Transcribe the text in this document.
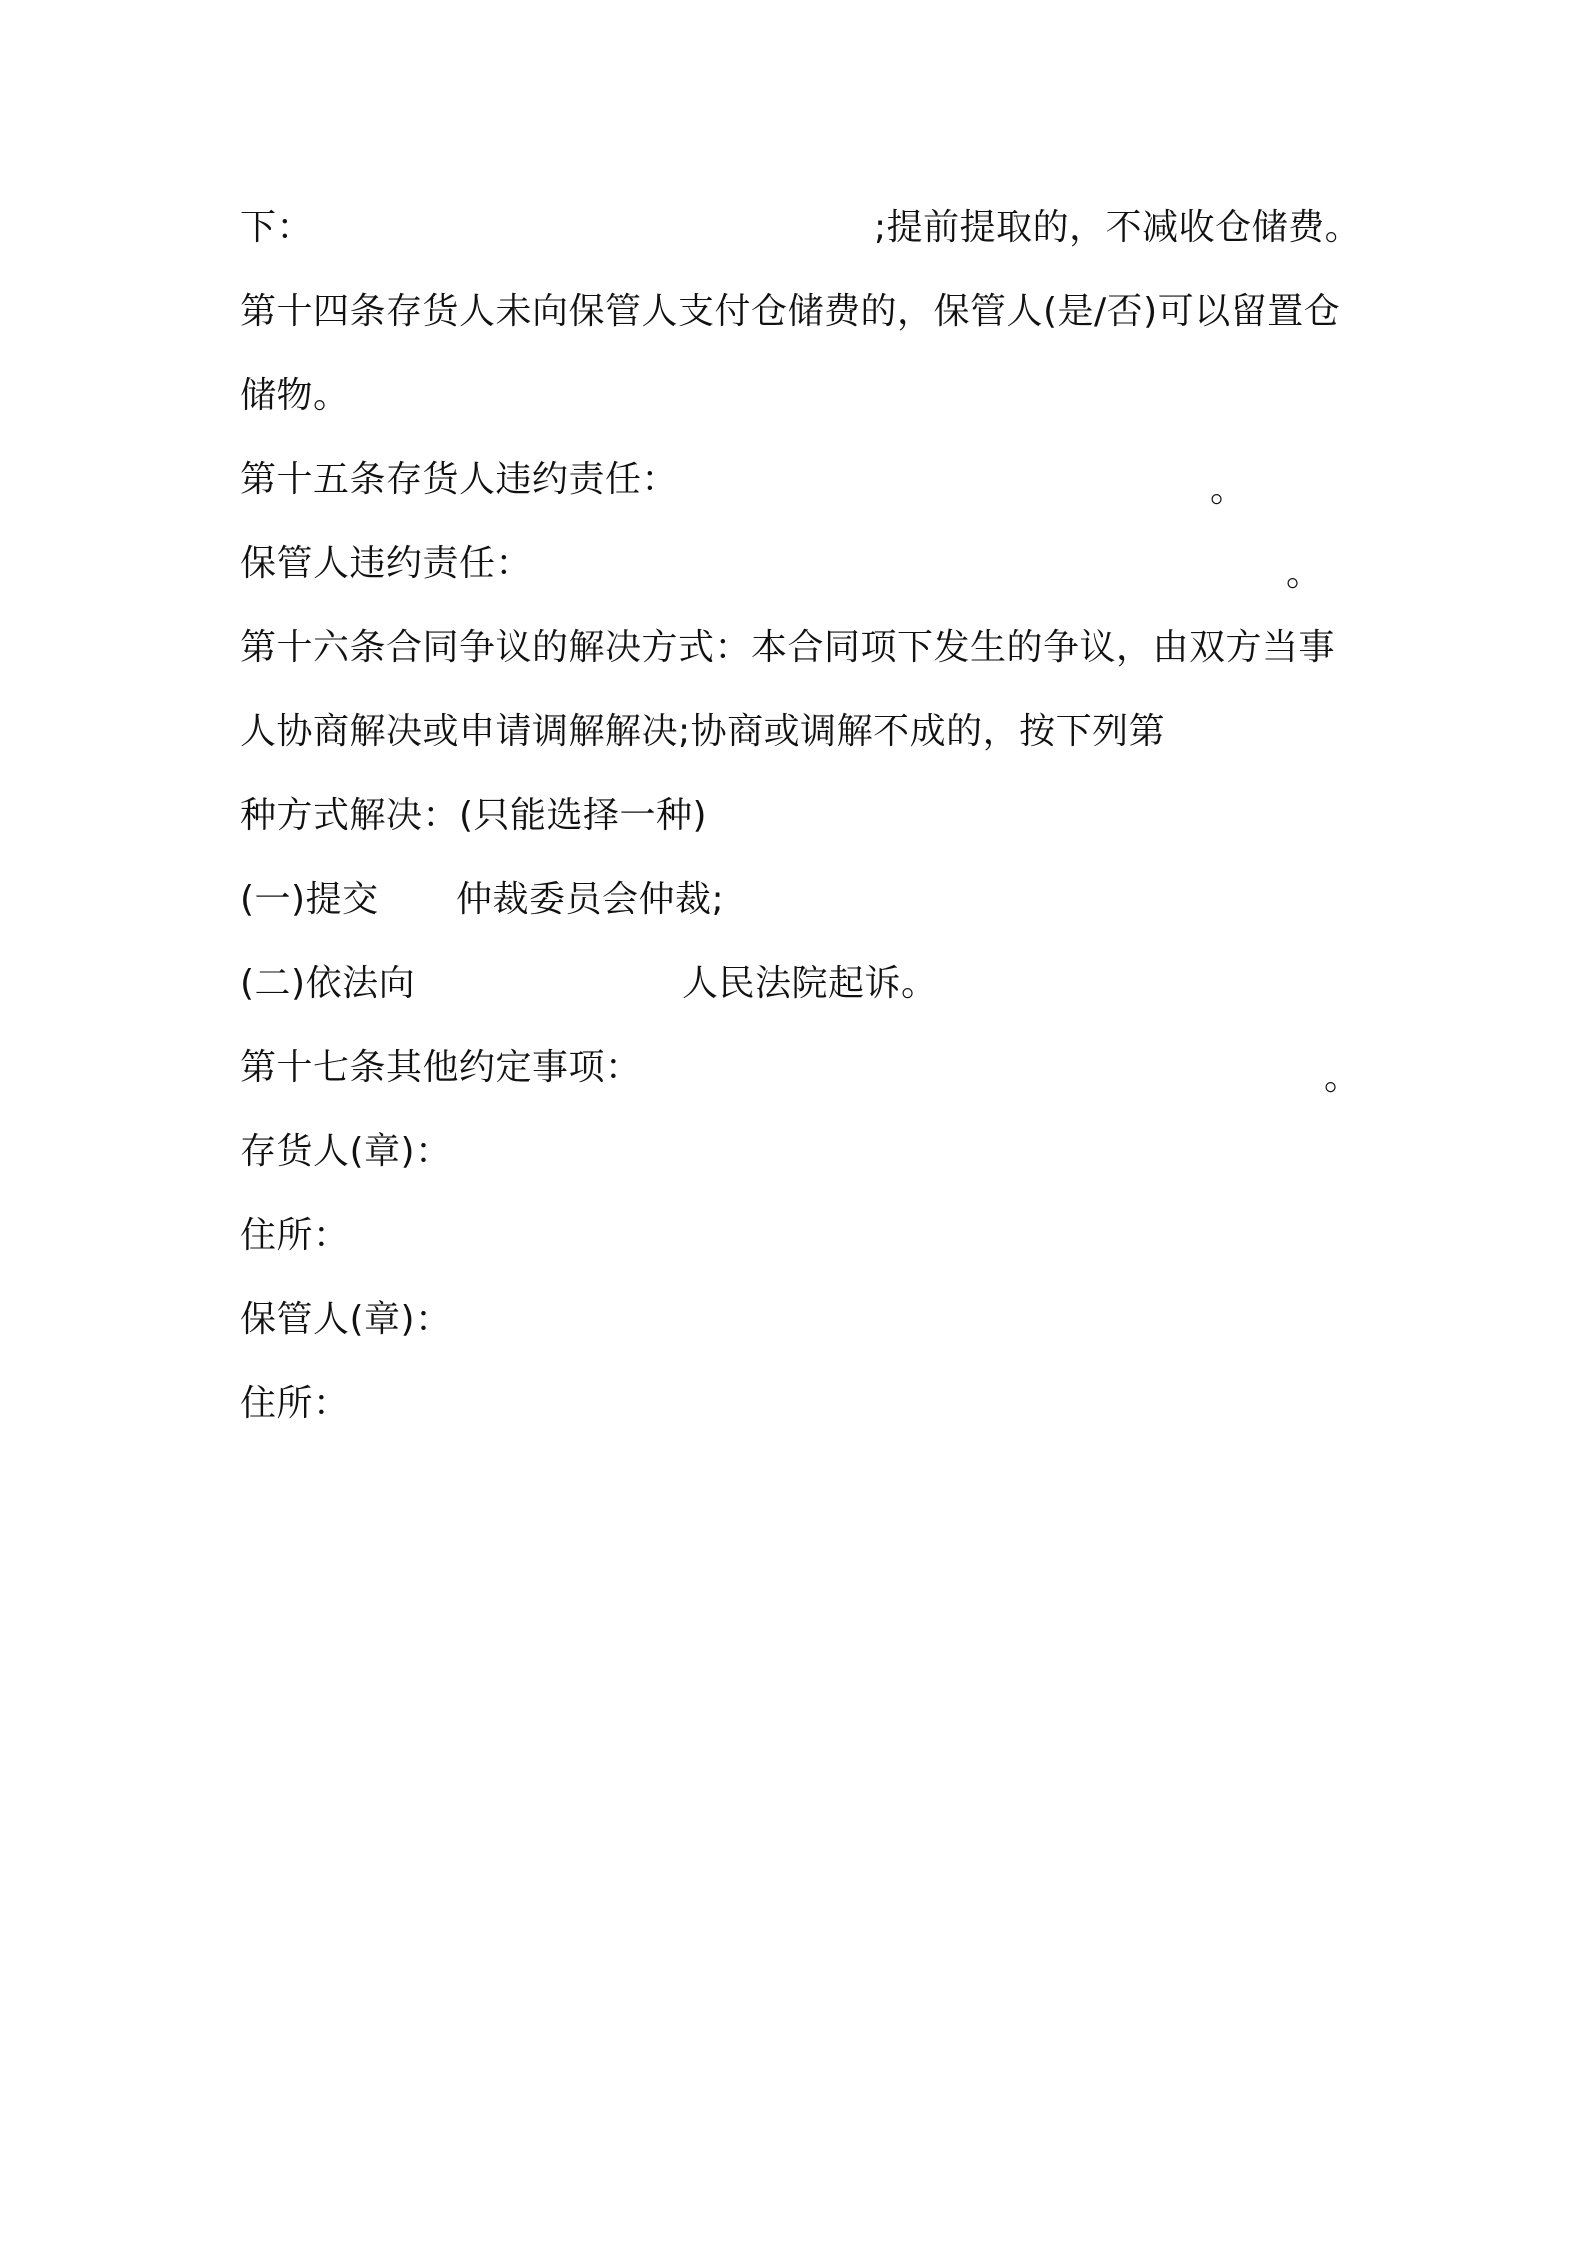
下：	;提前提取的，不减收仓储费。
第十四条存货人未向保管人支付仓储费的，保管人(是/否)可以留置仓
储物。
第十五条存货人违约责任：	。
保管人违约责任：	。
第十六条合同争议的解决方式：本合同项下发生的争议，由双方当事
人协商解决或申请调解解决;协商或调解不成的，按下列第
种方式解决：(只能选择一种)
(一)提交 仲裁委员会仲裁;
(二)依法向	人民法院起诉。
第十七条其他约定事项：	。
存货人(章)：
住所：
保管人(章)：
住所：
